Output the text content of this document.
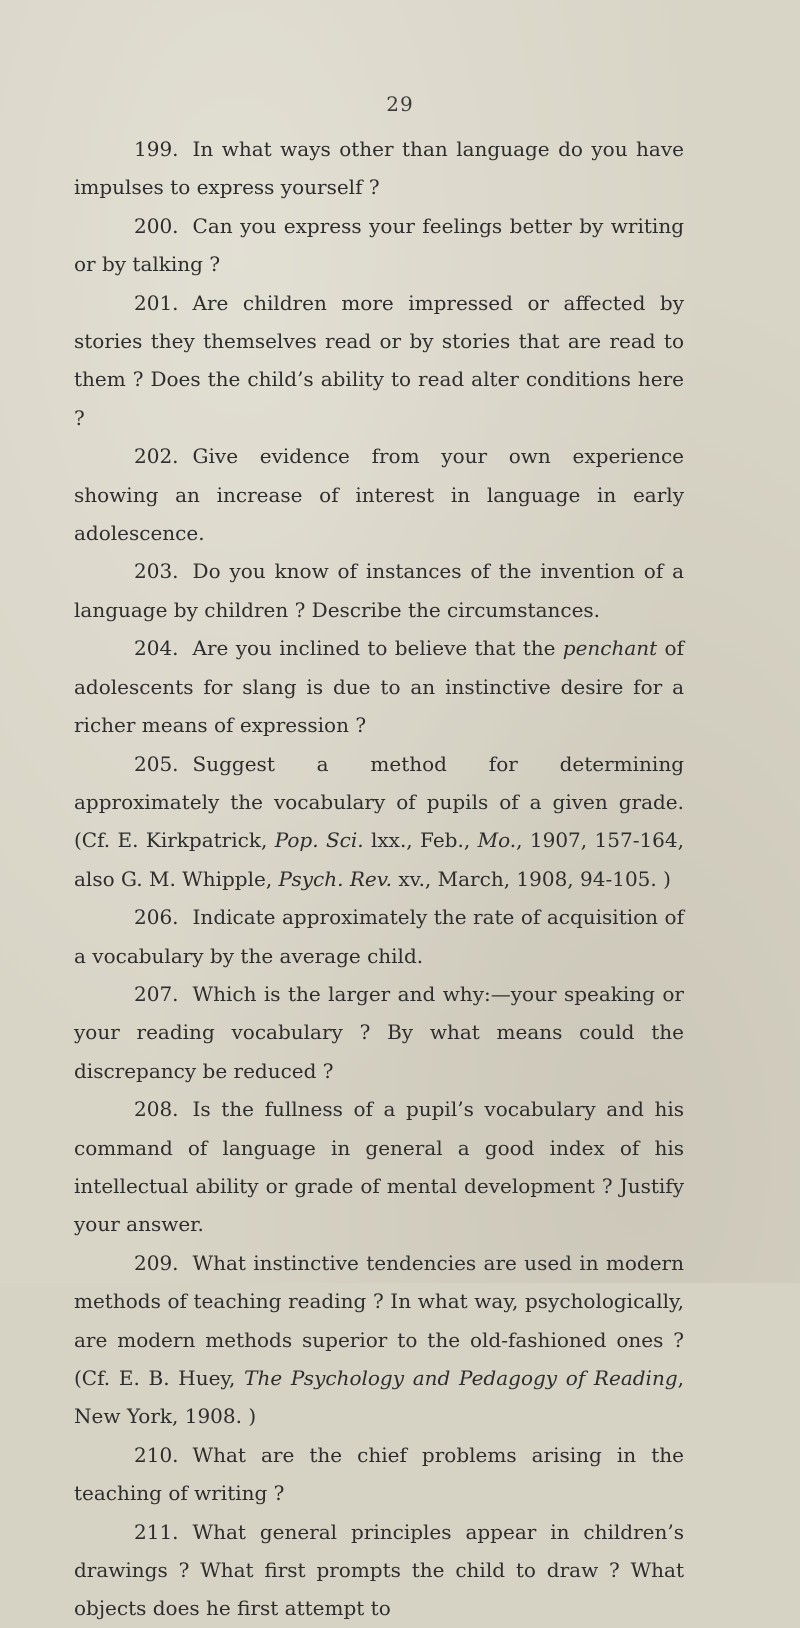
29

199. In what ways other than language do you have impulses to express yourself ?

200. Can you express your feelings better by writing or by talking ?

201. Are children more impressed or affected by stories they themselves read or by stories that are read to them ? Does the child’s ability to read alter conditions here ?

202. Give evidence from your own experience showing an increase of interest in language in early adolescence.

203. Do you know of instances of the invention of a language by children ? Describe the circumstances.

204. Are you inclined to believe that the penchant of adolescents for slang is due to an instinctive desire for a richer means of expression ?

205. Suggest a method for determining approximately the vocabulary of pupils of a given grade. (Cf. E. Kirkpatrick, Pop. Sci. lxx., Feb., Mo., 1907, 157-164, also G. M. Whipple, Psych. Rev. xv., March, 1908, 94-105. )

206. Indicate approximately the rate of acquisition of a vocabulary by the average child.

207. Which is the larger and why:—your speaking or your reading vocabulary ? By what means could the discrepancy be reduced ?

208. Is the fullness of a pupil’s vocabulary and his command of language in general a good index of his intellectual ability or grade of mental development ? Justify your answer.

209. What instinctive tendencies are used in modern methods of teaching reading ? In what way, psychologically, are modern methods superior to the old-fashioned ones ? (Cf. E. B. Huey, The Psychology and Pedagogy of Reading, New York, 1908. )

210. What are the chief problems arising in the teaching of writing ?

211. What general principles appear in children’s drawings ? What first prompts the child to draw ? What objects does he first attempt to
